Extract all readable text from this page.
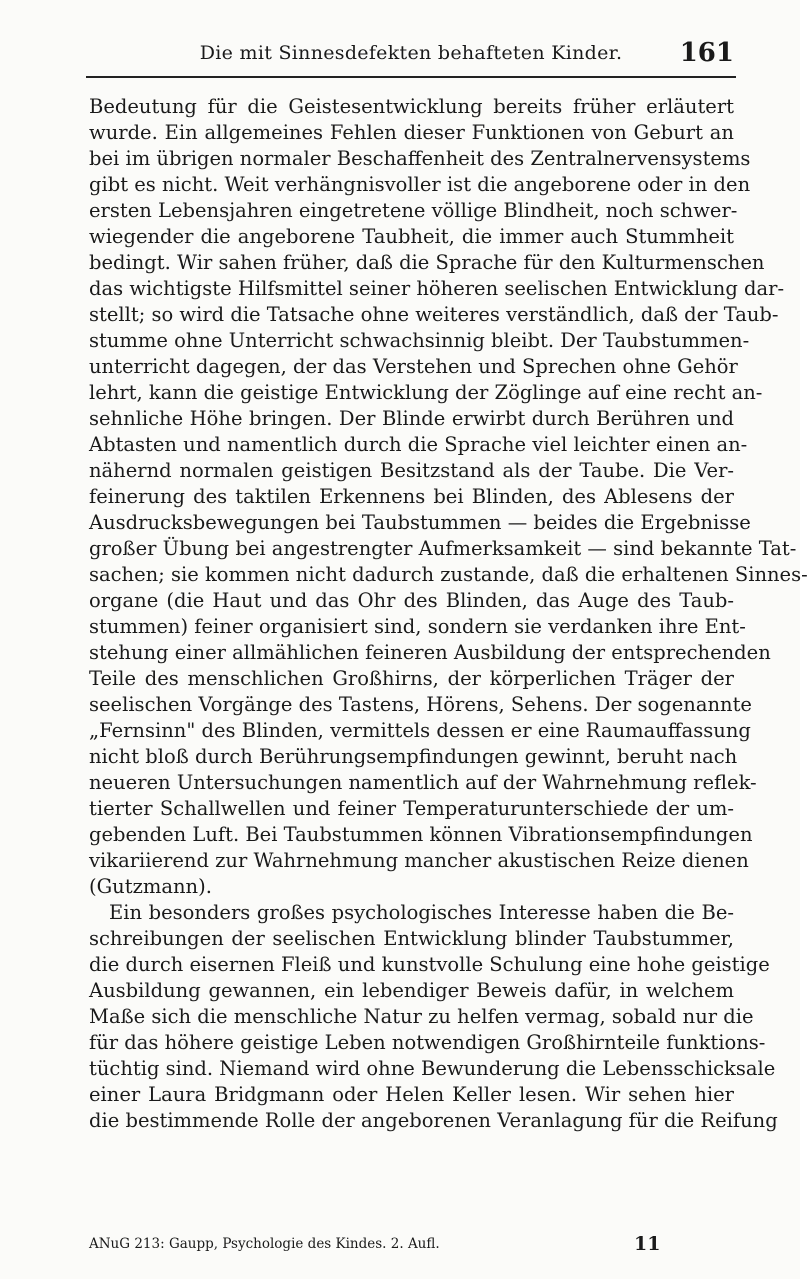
Die mit Sinnesdefekten behafteten Kinder.	161
Bedeutung für die Geistesentwicklung bereits früher erläutert
wurde. Ein allgemeines Fehlen dieser Funktionen von Geburt an
bei im übrigen normaler Beschaffenheit des Zentralnervensystems
gibt es nicht. Weit verhängnisvoller ist die angeborene oder in den
ersten Lebensjahren eingetretene völlige Blindheit, noch schwer-
wiegender die angeborene Taubheit, die immer auch Stummheit
bedingt. Wir sahen früher, daß die Sprache für den Kulturmenschen
das wichtigste Hilfsmittel seiner höheren seelischen Entwicklung dar-
stellt; so wird die Tatsache ohne weiteres verständlich, daß der Taub-
stumme ohne Unterricht schwachsinnig bleibt. Der Taubstummen-
unterricht dagegen, der das Verstehen und Sprechen ohne Gehör
lehrt, kann die geistige Entwicklung der Zöglinge auf eine recht an-
sehnliche Höhe bringen. Der Blinde erwirbt durch Berühren und
Abtasten und namentlich durch die Sprache viel leichter einen an-
nähernd normalen geistigen Besitzstand als der Taube. Die Ver-
feinerung des taktilen Erkennens bei Blinden, des Ablesens der
Ausdrucksbewegungen bei Taubstummen — beides die Ergebnisse
großer Übung bei angestrengter Aufmerksamkeit — sind bekannte Tat-
sachen; sie kommen nicht dadurch zustande, daß die erhaltenen Sinnes-
organe (die Haut und das Ohr des Blinden, das Auge des Taub-
stummen) feiner organisiert sind, sondern sie verdanken ihre Ent-
stehung einer allmählichen feineren Ausbildung der entsprechenden
Teile des menschlichen Großhirns, der körperlichen Träger der
seelischen Vorgänge des Tastens, Hörens, Sehens. Der sogenannte
„Fernsinn" des Blinden, vermittels dessen er eine Raumauffassung
nicht bloß durch Berührungsempfindungen gewinnt, beruht nach
neueren Untersuchungen namentlich auf der Wahrnehmung reflek-
tierter Schallwellen und feiner Temperaturunterschiede der um-
gebenden Luft. Bei Taubstummen können Vibrationsempfindungen
vikariierend zur Wahrnehmung mancher akustischen Reize dienen
(Gutzmann).
Ein besonders großes psychologisches Interesse haben die Be-
schreibungen der seelischen Entwicklung blinder Taubstummer,
die durch eisernen Fleiß und kunstvolle Schulung eine hohe geistige
Ausbildung gewannen, ein lebendiger Beweis dafür, in welchem
Maße sich die menschliche Natur zu helfen vermag, sobald nur die
für das höhere geistige Leben notwendigen Großhirnteile funktions-
tüchtig sind. Niemand wird ohne Bewunderung die Lebensschicksale
einer Laura Bridgmann oder Helen Keller lesen. Wir sehen hier
die bestimmende Rolle der angeborenen Veranlagung für die Reifung
ANuG 213: Gaupp, Psychologie des Kindes. 2. Aufl.	11
